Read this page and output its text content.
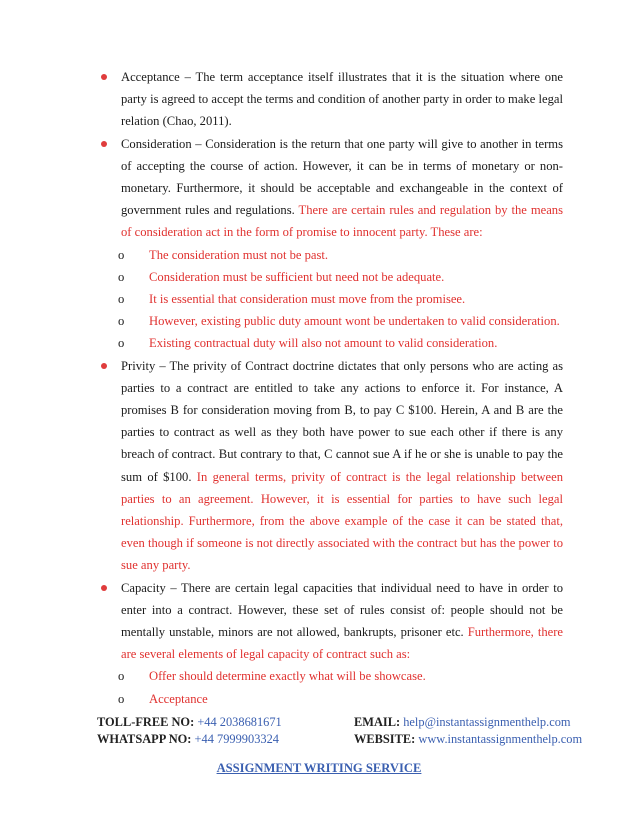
Acceptance – The term acceptance itself illustrates that it is the situation where one party is agreed to accept the terms and condition of another party in order to make legal relation (Chao, 2011).
Consideration – Consideration is the return that one party will give to another in terms of accepting the course of action. However, it can be in terms of monetary or non-monetary. Furthermore, it should be acceptable and exchangeable in the context of government rules and regulations. There are certain rules and regulation by the means of consideration act in the form of promise to innocent party. These are:
o The consideration must not be past.
o Consideration must be sufficient but need not be adequate.
o It is essential that consideration must move from the promisee.
o However, existing public duty amount wont be undertaken to valid consideration.
o Existing contractual duty will also not amount to valid consideration.
Privity – The privity of Contract doctrine dictates that only persons who are acting as parties to a contract are entitled to take any actions to enforce it. For instance, A promises B for consideration moving from B, to pay C $100. Herein, A and B are the parties to contract as well as they both have power to sue each other if there is any breach of contract. But contrary to that, C cannot sue A if he or she is unable to pay the sum of $100. In general terms, privity of contract is the legal relationship between parties to an agreement. However, it is essential for parties to have such legal relationship. Furthermore, from the above example of the case it can be stated that, even though if someone is not directly associated with the contract but has the power to sue any party.
Capacity – There are certain legal capacities that individual need to have in order to enter into a contract. However, these set of rules consist of: people should not be mentally unstable, minors are not allowed, bankrupts, prisoner etc. Furthermore, there are several elements of legal capacity of contract such as:
o Offer should determine exactly what will be showcase.
o Acceptance
TOLL-FREE NO: +44 2038681671	EMAIL: help@instantassignmenthelp.com
WHATSAPP NO: +44 7999903324	WEBSITE: www.instantassignmenthelp.com
ASSIGNMENT WRITING SERVICE
